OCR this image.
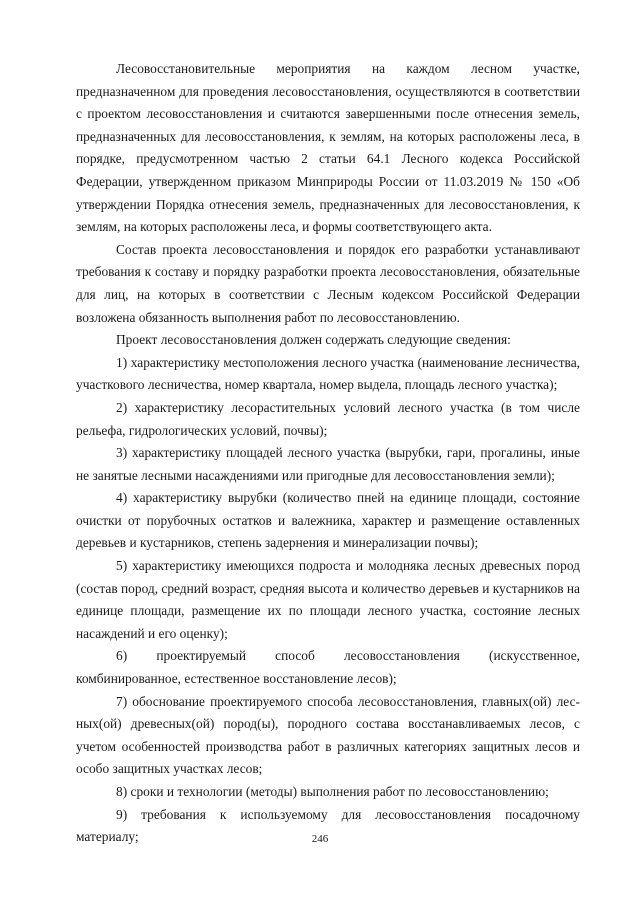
Лесовосстановительные мероприятия на каждом лесном участке, предназначенном для проведения лесовосстановления, осуществляются в соответствии с проектом лесовосстановления и считаются завершенными после отнесения земель, предназначенных для лесовосстановления, к землям, на которых расположены леса, в порядке, предусмотренном частью 2 статьи 64.1 Лесного кодекса Российской Федерации, утвержденном приказом Минприроды России от 11.03.2019 № 150 «Об утверждении Порядка отнесения земель, предназначенных для лесовосстановления, к землям, на которых расположены леса, и формы соответствующего акта.

Состав проекта лесовосстановления и порядок его разработки устанавливают требования к составу и порядку разработки проекта лесовосстановления, обязательные для лиц, на которых в соответствии с Лесным кодексом Российской Федерации возложена обязанность выполнения работ по лесовосстановлению.

Проект лесовосстановления должен содержать следующие сведения:

1) характеристику местоположения лесного участка (наименование лесничества, участкового лесничества, номер квартала, номер выдела, площадь лесного участка);

2) характеристику лесорастительных условий лесного участка (в том числе рельефа, гидрологических условий, почвы);

3) характеристику площадей лесного участка (вырубки, гари, прогалины, иные не занятые лесными насаждениями или пригодные для лесовосстановления земли);

4) характеристику вырубки (количество пней на единице площади, состояние очистки от порубочных остатков и валежника, характер и размещение оставленных деревьев и кустарников, степень задернения и минерализации почвы);

5) характеристику имеющихся подроста и молодняка лесных древесных пород (состав пород, средний возраст, средняя высота и количество деревьев и кустарников на единице площади, размещение их по площади лесного участка, состояние лесных насаждений и его оценку);

6) проектируемый способ лесовосстановления (искусственное, комбинированное, естественное восстановление лесов);

7) обоснование проектируемого способа лесовосстановления, главных(ой) лесных(ой) древесных(ой) пород(ы), породного состава восстанавливаемых лесов, с учетом особенностей производства работ в различных категориях защитных лесов и особо защитных участках лесов;

8) сроки и технологии (методы) выполнения работ по лесовосстановлению;

9) требования к используемому для лесовосстановления посадочному материалу;	246
